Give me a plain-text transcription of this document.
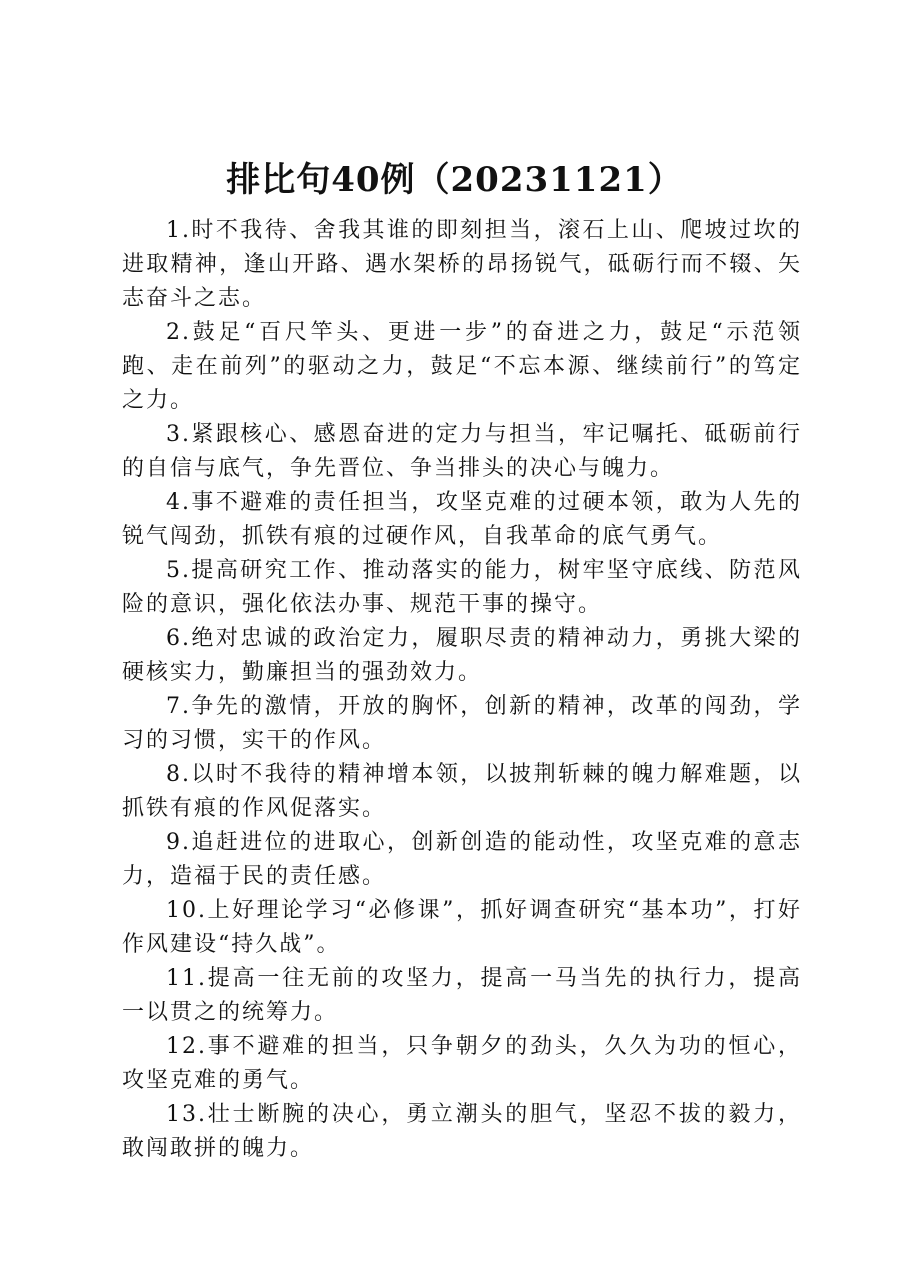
排比句40例（20231121）

1.时不我待、舍我其谁的即刻担当，滚石上山、爬坡过坎的进取精神，逢山开路、遇水架桥的昂扬锐气，砥砺行而不辍、矢志奋斗之志。

2.鼓足“百尺竿头、更进一步”的奋进之力，鼓足“示范领跑、走在前列”的驱动之力，鼓足“不忘本源、继续前行”的笃定之力。

3.紧跟核心、感恩奋进的定力与担当，牢记嘱托、砥砺前行的自信与底气，争先晋位、争当排头的决心与魄力。

4.事不避难的责任担当，攻坚克难的过硬本领，敢为人先的锐气闯劲，抓铁有痕的过硬作风，自我革命的底气勇气。

5.提高研究工作、推动落实的能力，树牢坚守底线、防范风险的意识，强化依法办事、规范干事的操守。

6.绝对忠诚的政治定力，履职尽责的精神动力，勇挑大梁的硬核实力，勤廉担当的强劲效力。

7.争先的激情，开放的胸怀，创新的精神，改革的闯劲，学习的习惯，实干的作风。

8.以时不我待的精神增本领，以披荆斩棘的魄力解难题，以抓铁有痕的作风促落实。

9.追赶进位的进取心，创新创造的能动性，攻坚克难的意志力，造福于民的责任感。

10.上好理论学习“必修课”，抓好调查研究“基本功”，打好作风建设“持久战”。

11.提高一往无前的攻坚力，提高一马当先的执行力，提高一以贯之的统筹力。

12.事不避难的担当，只争朝夕的劲头，久久为功的恒心，攻坚克难的勇气。

13.壮士断腕的决心，勇立潮头的胆气，坚忍不拔的毅力，敢闯敢拼的魄力。
